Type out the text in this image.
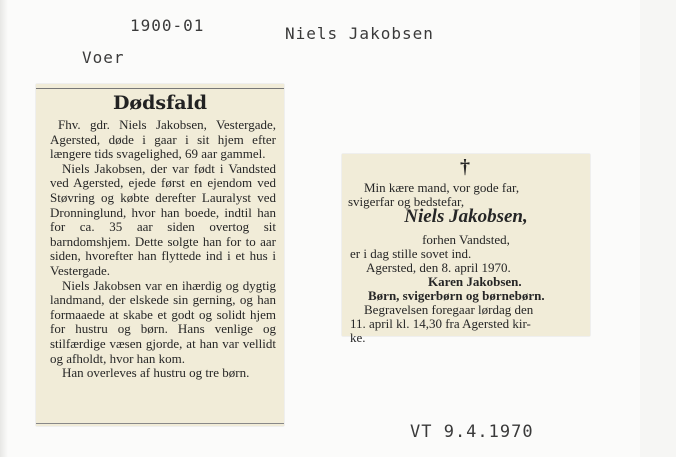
1900-01	Niels Jakobsen
Voer
Dødsfald

Fhv. gdr. Niels Jakobsen, Vestergade, Agersted, døde i gaar i sit hjem efter længere tids svagelighed, 69 aar gammel.

Niels Jakobsen, der var født i Vandsted ved Agersted, ejede først en ejendom ved Støvring og købte derefter Lauralyst ved Dronninglund, hvor han boede, indtil han for ca. 35 aar siden overtog sit barndomshjem. Dette solgte han for to aar siden, hvorefter han flyttede ind i et hus i Vestergade.

Niels Jakobsen var en ihærdig og dygtig landmand, der elskede sin gerning, og han formaaede at skabe et godt og solidt hjem for hustru og børn. Hans venlige og stilfærdige væsen gjorde, at han var vellidt og afholdt, hvor han kom.

Han overleves af hustru og tre børn.

†
Min kære mand, vor gode far,
svigerfar og bedstefar,
Niels Jakobsen,
forhen Vandsted,
er i dag stille sovet ind.
Agersted, den 8. april 1970.
Karen Jakobsen.
Børn, svigerbørn og børnebørn.
Begravelsen foregaar lørdag den
11. april kl. 14,30 fra Agersted kir-
ke.
VT 9.4.1970
